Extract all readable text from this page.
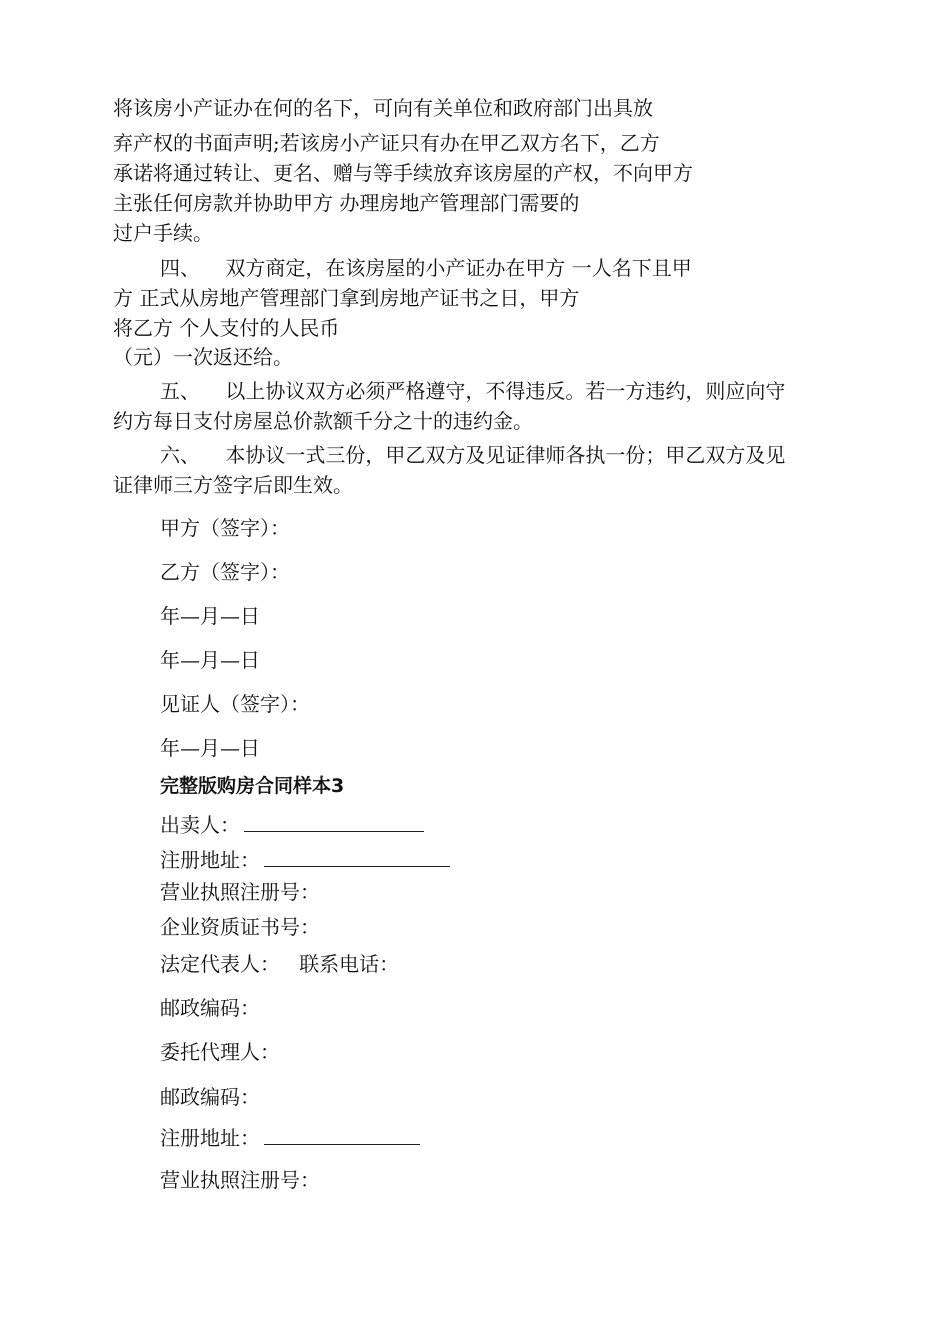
将该房小产证办在何的名下，可向有关单位和政府部门出具放
弃产权的书面声明;若该房小产证只有办在甲乙双方名下，乙方
承诺将通过转让、更名、赠与等手续放弃该房屋的产权，不向甲方
主张任何房款并协助甲方 办理房地产管理部门需要的
过户手续。
四、    双方商定，在该房屋的小产证办在甲方 一人名下且甲
方 正式从房地产管理部门拿到房地产证书之日，甲方
将乙方 个人支付的人民币
（元）一次返还给。
五、    以上协议双方必须严格遵守，不得违反。若一方违约，则应向守
约方每日支付房屋总价款额千分之十的违约金。
六、    本协议一式三份，甲乙双方及见证律师各执一份；甲乙双方及见
证律师三方签字后即生效。
甲方（签字）：
乙方（签字）：
年—月—日
年—月—日
见证人（签字）：
年—月—日
完整版购房合同样本3
出卖人：
注册地址：
营业执照注册号：
企业资质证书号：
法定代表人：   联系电话：
邮政编码：
委托代理人：
邮政编码：
注册地址：
营业执照注册号：
